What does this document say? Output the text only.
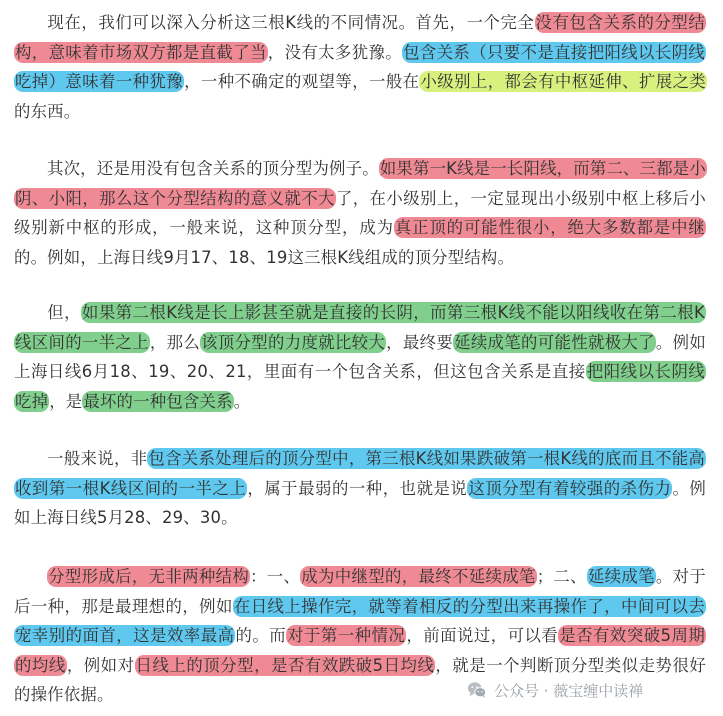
现在，我们可以深入分析这三根K线的不同情况。首先，一个完全没有包含关系的分型结构，意味着市场双方都是直截了当，没有太多犹豫。包含关系（只要不是直接把阳线以长阴线吃掉）意味着一种犹豫，一种不确定的观望等，一般在小级别上，都会有中枢延伸、扩展之类的东西。
其次，还是用没有包含关系的顶分型为例子。如果第一K线是一长阳线，而第二、三都是小阴、小阳，那么这个分型结构的意义就不大了，在小级别上，一定显现出小级别中枢上移后小级别新中枢的形成，一般来说，这种顶分型，成为真正顶的可能性很小，绝大多数都是中继的。例如，上海日线9月17、18、19这三根K线组成的顶分型结构。
但，如果第二根K线是长上影甚至就是直接的长阴，而第三根K线不能以阳线收在第二根K线区间的一半之上，那么该顶分型的力度就比较大，最终要延续成笔的可能性就极大了。例如上海日线6月18、19、20、21，里面有一个包含关系，但这包含关系是直接把阳线以长阴线吃掉，是最坏的一种包含关系。
一般来说，非包含关系处理后的顶分型中，第三根K线如果跌破第一根K线的底而且不能高收到第一根K线区间的一半之上，属于最弱的一种，也就是说这顶分型有着较强的杀伤力。例如上海日线5月28、29、30。
分型形成后，无非两种结构：一、成为中继型的，最终不延续成笔；二、延续成笔。对于后一种，那是最理想的，例如在日线上操作完，就等着相反的分型出来再操作了，中间可以去宠幸别的面首，这是效率最高的。而对于第一种情况，前面说过，可以看是否有效突破5周期的均线，例如对日线上的顶分型，是否有效跌破5日均线，就是一个判断顶分型类似走势很好的操作依据。	公众号 · 薇宝缠中读禅
